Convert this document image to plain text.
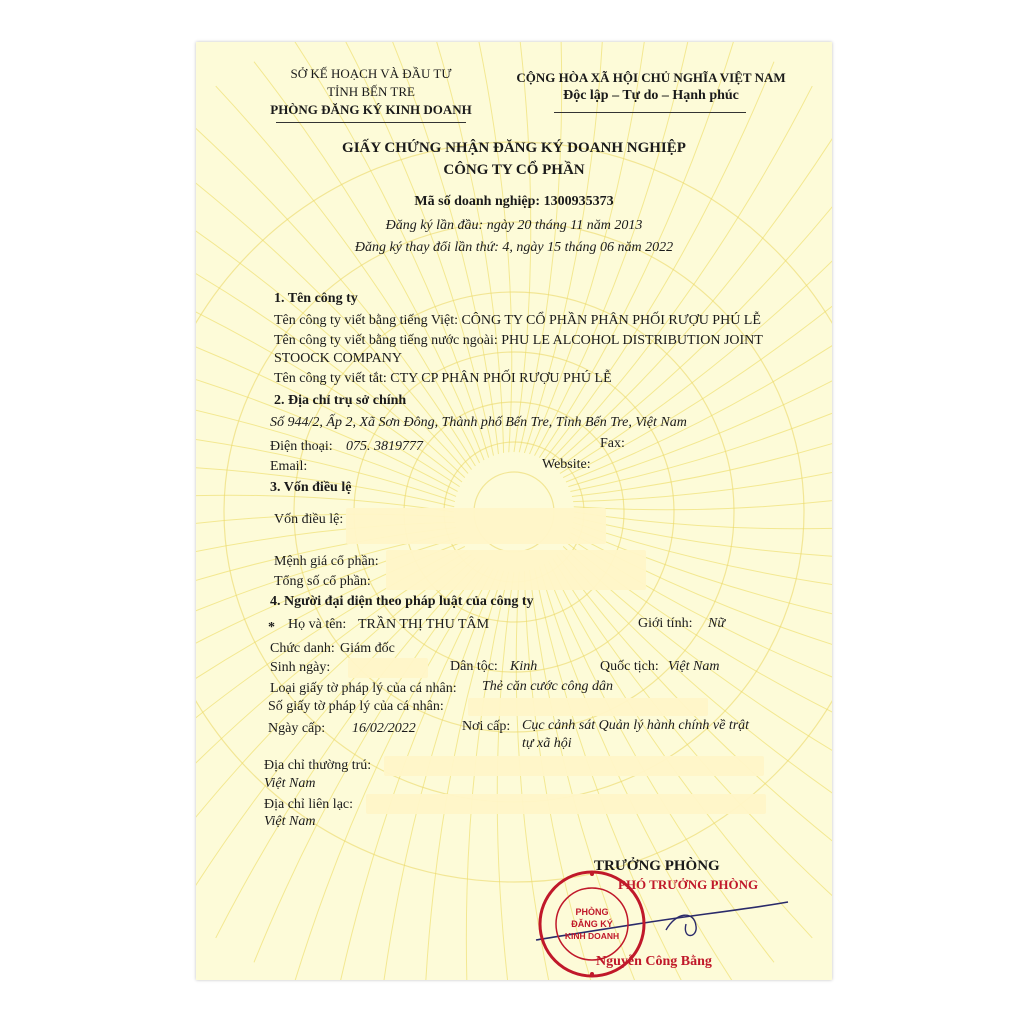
SỞ KẾ HOẠCH VÀ ĐẦU TƯ
TỈNH BẾN TRE
PHÒNG ĐĂNG KÝ KINH DOANH
CỘNG HÒA XÃ HỘI CHỦ NGHĨA VIỆT NAM
Độc lập – Tự do – Hạnh phúc
GIẤY CHỨNG NHẬN ĐĂNG KÝ DOANH NGHIỆP
CÔNG TY CỔ PHẦN
Mã số doanh nghiệp: 1300935373
Đăng ký lần đầu: ngày 20 tháng 11 năm 2013
Đăng ký thay đổi lần thứ: 4, ngày 15 tháng 06 năm 2022
1. Tên công ty
Tên công ty viết bằng tiếng Việt: CÔNG TY CỔ PHẦN PHÂN PHỐI RƯỢU PHÚ LỄ
Tên công ty viết bằng tiếng nước ngoài: PHU LE ALCOHOL DISTRIBUTION JOINT
STOOCK COMPANY
Tên công ty viết tắt: CTY CP PHÂN PHỐI RƯỢU PHÚ LỄ
2. Địa chỉ trụ sở chính
Số 944/2, Ấp 2, Xã Sơn Đông, Thành phố Bến Tre, Tỉnh Bến Tre, Việt Nam
Điện thoại: 075. 3819777	Fax:
Email:	Website:
3. Vốn điều lệ
Vốn điều lệ:
Mệnh giá cổ phần:
Tổng số cổ phần:
4. Người đại diện theo pháp luật của công ty
* Họ và tên: TRẦN THỊ THU TÂM	Giới tính: Nữ
Chức danh: Giám đốc
Sinh ngày:	Dân tộc: Kinh	Quốc tịch: Việt Nam
Loại giấy tờ pháp lý của cá nhân: Thẻ căn cước công dân
Số giấy tờ pháp lý của cá nhân:
Ngày cấp: 16/02/2022	Nơi cấp: Cục cảnh sát Quản lý hành chính về trật
tự xã hội
Địa chỉ thường trú:
Việt Nam
Địa chỉ liên lạc:
Việt Nam
TRƯỞNG PHÒNG
PHÓ TRƯỞNG PHÒNG
Nguyễn Công Bằng
PHÒNG
ĐĂNG KÝ
KINH DOANH
